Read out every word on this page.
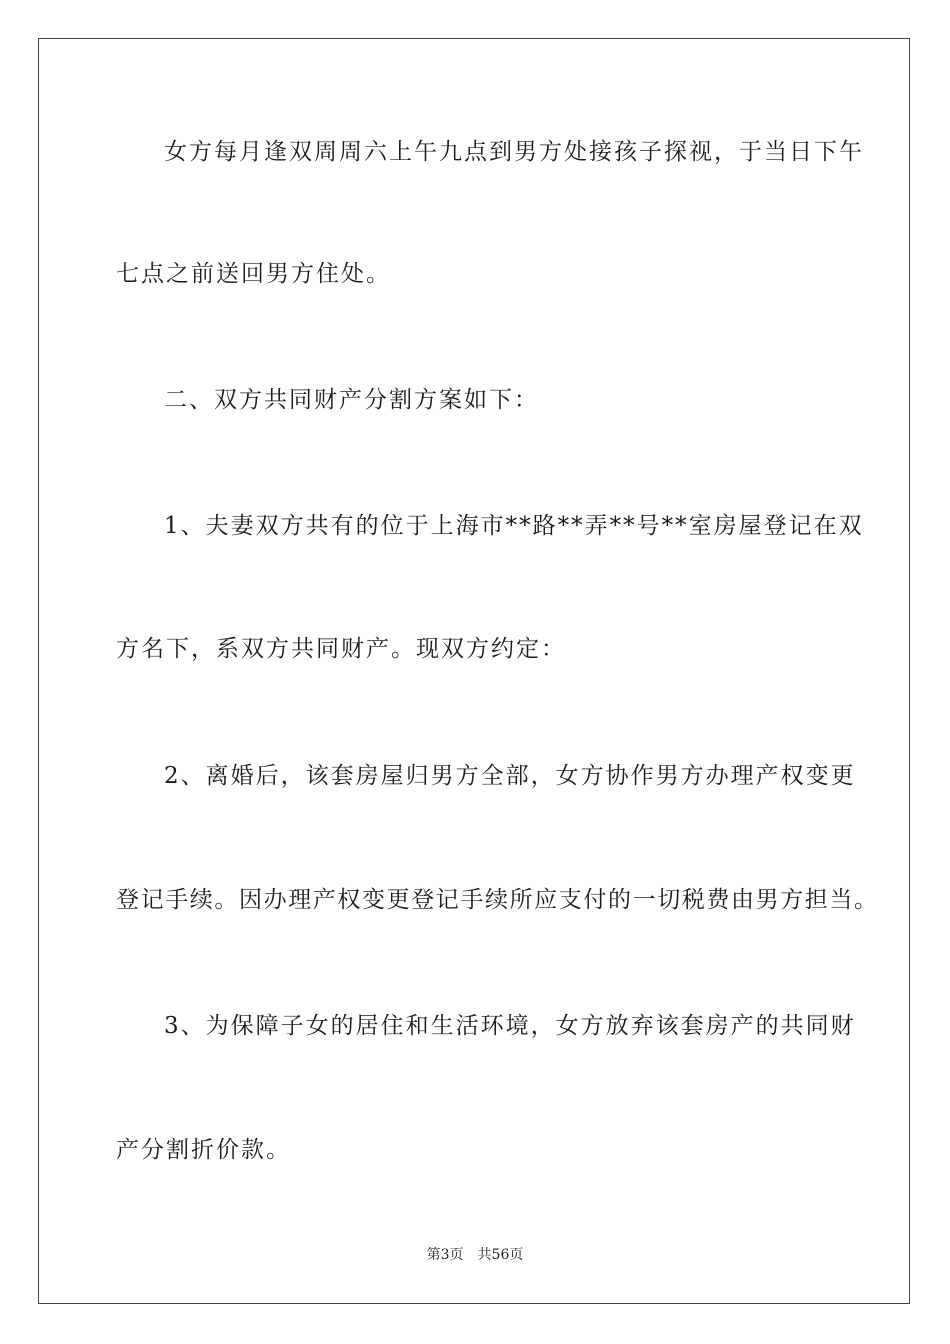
女方每月逢双周周六上午九点到男方处接孩子探视，于当日下午
七点之前送回男方住处。
二、双方共同财产分割方案如下：
1、夫妻双方共有的位于上海市**路**弄**号**室房屋登记在双
方名下，系双方共同财产。现双方约定：
2、离婚后，该套房屋归男方全部，女方协作男方办理产权变更
登记手续。因办理产权变更登记手续所应支付的一切税费由男方担当。
3、为保障子女的居住和生活环境，女方放弃该套房产的共同财
产分割折价款。
第3页 共56页
